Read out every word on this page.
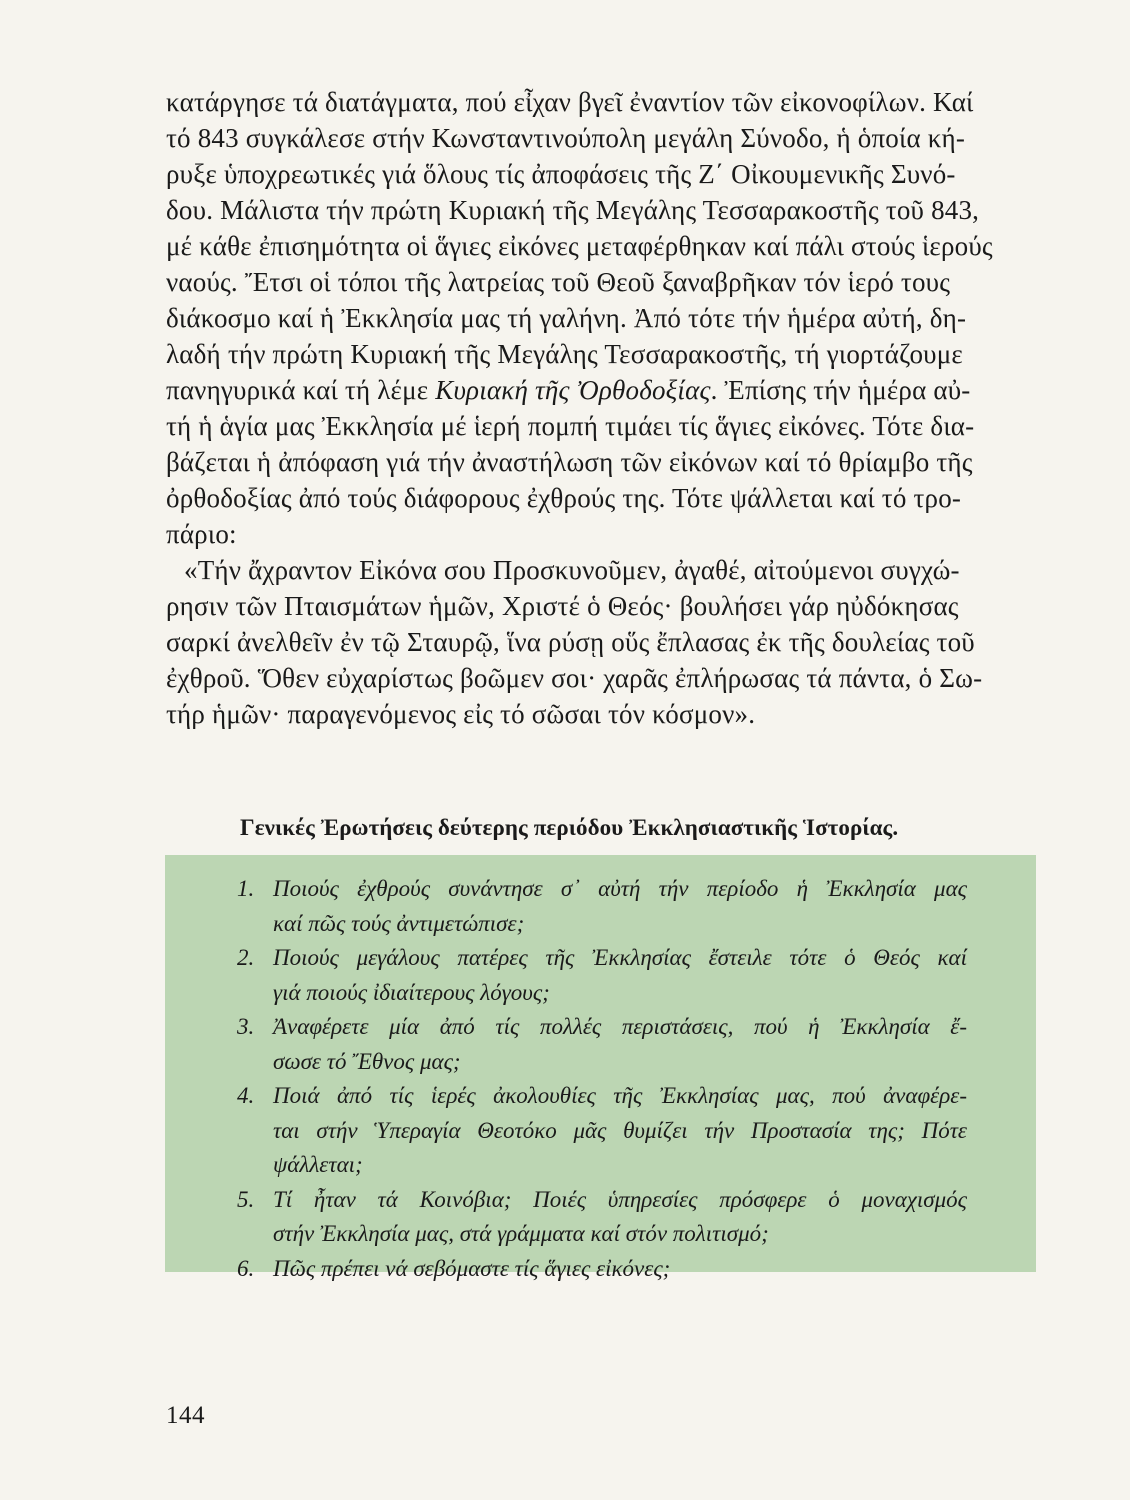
κατάργησε τά διατάγματα, πού εἶχαν βγεῖ ἐναντίον τῶν εἰκονοφίλων. Καί

τό 843 συγκάλεσε στήν Κωνσταντινούπολη μεγάλη Σύνοδο, ἡ ὁποία κή-

ρυξε ὑποχρεωτικές γιά ὅλους τίς ἀποφάσεις τῆς Ζ΄ Οἰκουμενικῆς Συνό-

δου. Μάλιστα τήν πρώτη Κυριακή τῆς Μεγάλης Τεσσαρακοστῆς τοῦ 843,

μέ κάθε ἐπισημότητα οἱ ἅγιες εἰκόνες μεταφέρθηκαν καί πάλι στούς ἱερούς

ναούς. Ἔτσι οἱ τόποι τῆς λατρείας τοῦ Θεοῦ ξαναβρῆκαν τόν ἱερό τους

διάκοσμο καί ἡ Ἐκκλησία μας τή γαλήνη. Ἀπό τότε τήν ἡμέρα αὐτή, δη-

λαδή τήν πρώτη Κυριακή τῆς Μεγάλης Τεσσαρακοστῆς, τή γιορτάζουμε

πανηγυρικά καί τή λέμε Κυριακή τῆς Ὀρθοδοξίας. Ἐπίσης τήν ἡμέρα αὐ-

τή ἡ ἁγία μας Ἐκκλησία μέ ἱερή πομπή τιμάει τίς ἅγιες εἰκόνες. Τότε δια-

βάζεται ἡ ἀπόφαση γιά τήν ἀναστήλωση τῶν εἰκόνων καί τό θρίαμβο τῆς

ὀρθοδοξίας ἀπό τούς διάφορους ἐχθρούς της. Τότε ψάλλεται καί τό τρο-

πάριο:

«Τήν ἄχραντον Εἰκόνα σου Προσκυνοῦμεν, ἀγαθέ, αἰτούμενοι συγχώ-

ρησιν τῶν Πταισμάτων ἡμῶν, Χριστέ ὁ Θεός· βουλήσει γάρ ηὐδόκησας

σαρκί ἀνελθεῖν ἐν τῷ Σταυρῷ, ἵνα ρύσῃ οὕς ἔπλασας ἐκ τῆς δουλείας τοῦ

ἐχθροῦ. Ὅθεν εὐχαρίστως βοῶμεν σοι· χαρᾶς ἐπλήρωσας τά πάντα, ὁ Σω-

τήρ ἡμῶν· παραγενόμενος εἰς τό σῶσαι τόν κόσμον».

Γενικές Ἐρωτήσεις δεύτερης περιόδου Ἐκκλησιαστικῆς Ἱστορίας.
1. Ποιούς ἐχθρούς συνάντησε σ᾽ αὐτή τήν περίοδο ἡ Ἐκκλησία μας
καί πῶς τούς ἀντιμετώπισε;
2. Ποιούς μεγάλους πατέρες τῆς Ἐκκλησίας ἔστειλε τότε ὁ Θεός καί
γιά ποιούς ἰδιαίτερους λόγους;
3. Ἀναφέρετε μία ἀπό τίς πολλές περιστάσεις, πού ἡ Ἐκκλησία ἔ-
σωσε τό Ἔθνος μας;
4. Ποιά ἀπό τίς ἱερές ἀκολουθίες τῆς Ἐκκλησίας μας, πού ἀναφέρε-
ται στήν Ὑπεραγία Θεοτόκο μᾶς θυμίζει τήν Προστασία της; Πότε
ψάλλεται;
5. Τί ἦταν τά Κοινόβια; Ποιές ὑπηρεσίες πρόσφερε ὁ μοναχισμός
στήν Ἐκκλησία μας, στά γράμματα καί στόν πολιτισμό;
6. Πῶς πρέπει νά σεβόμαστε τίς ἅγιες εἰκόνες;
144
